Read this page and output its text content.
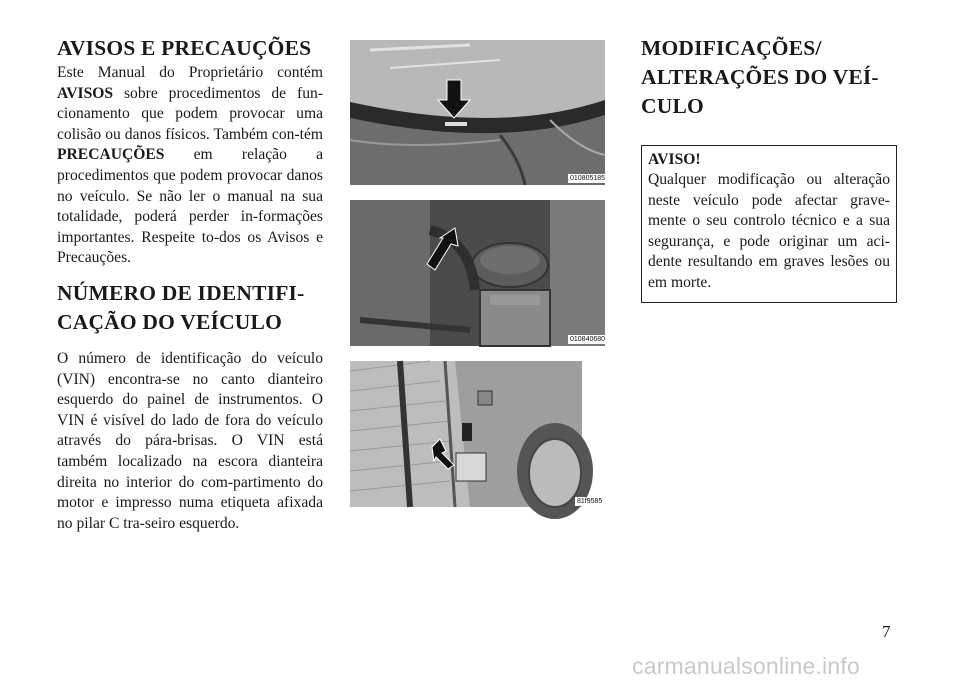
AVISOS E PRECAUÇÕES

Este Manual do Proprietário contém AVISOS sobre procedimentos de fun-cionamento que podem provocar uma colisão ou danos físicos. Também con-tém PRECAUÇÕES em relação a procedimentos que podem provocar danos no veículo. Se não ler o manual na sua totalidade, poderá perder in-formações importantes. Respeite to-dos os Avisos e Precauções.

NÚMERO DE IDENTIFI-
CAÇÃO DO VEÍCULO

O número de identificação do veículo (VIN) encontra-se no canto dianteiro esquerdo do painel de instrumentos. O VIN é visível do lado de fora do veículo através do pára-brisas. O VIN está também localizado na escora dianteira direita no interior do com-partimento do motor e impresso numa etiqueta afixada no pilar C tra-seiro esquerdo.

010805185
010840680
81f9585
MODIFICAÇÕES/
ALTERAÇÕES DO VEÍ-
CULO
AVISO!

Qualquer modificação ou alteração neste veículo pode afectar grave-mente o seu controlo técnico e a sua segurança, e pode originar um aci-dente resultando em graves lesões ou em morte.

7
carmanualsonline.info
